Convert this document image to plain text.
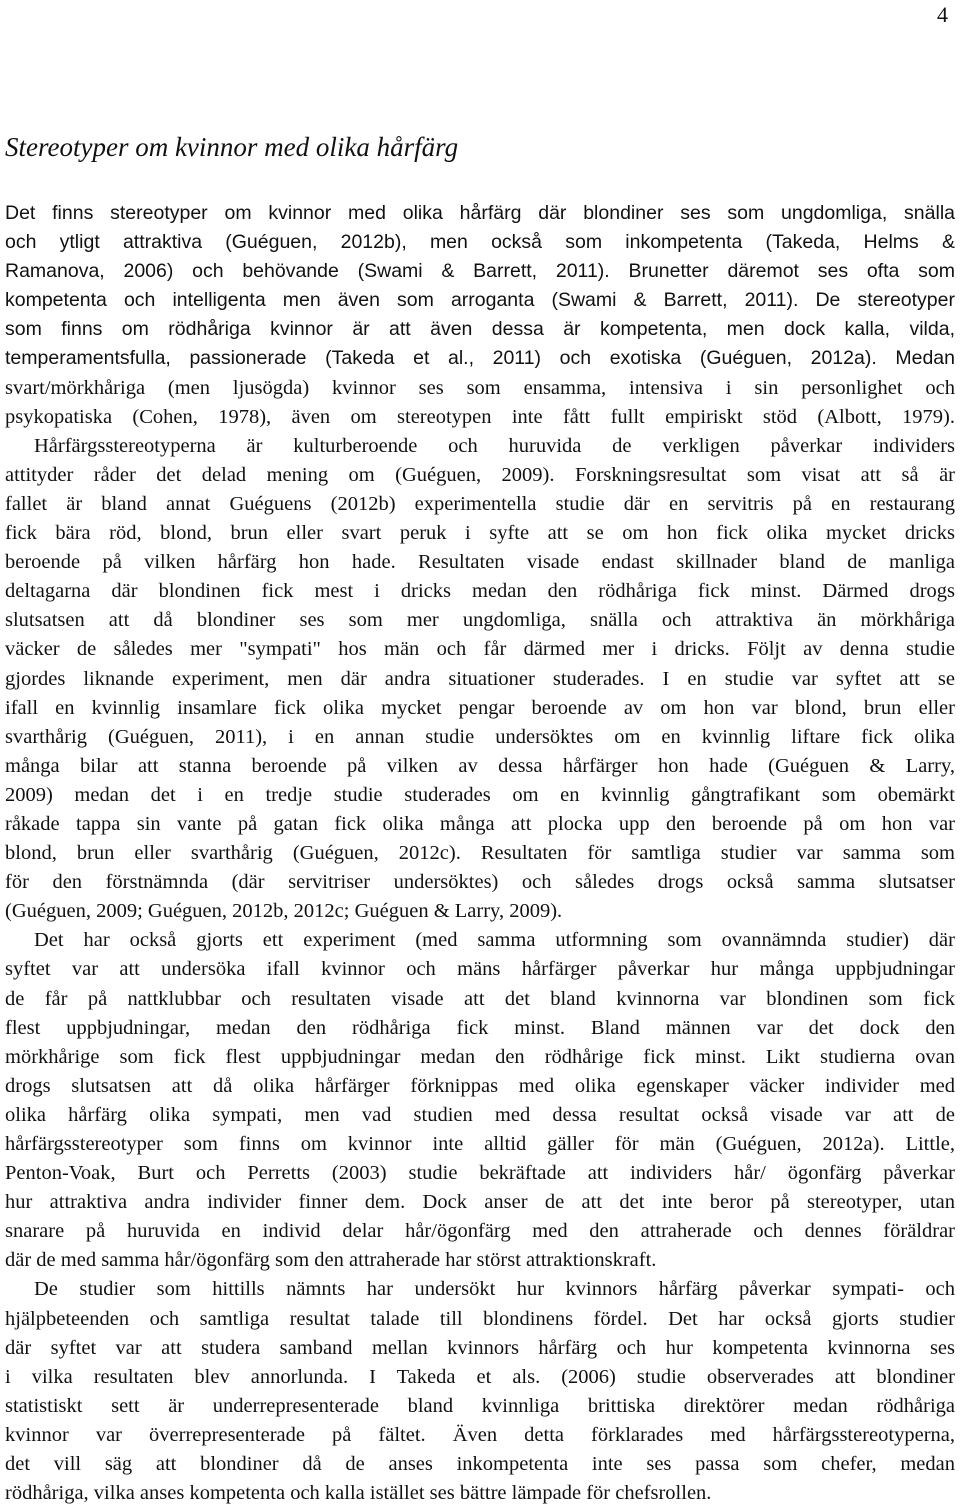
4
Stereotyper om kvinnor med olika hårfärg
Det finns stereotyper om kvinnor med olika hårfärg där blondiner ses som ungdomliga, snälla
och ytligt attraktiva (Guéguen, 2012b), men också som inkompetenta (Takeda, Helms &
Ramanova, 2006) och behövande (Swami & Barrett, 2011). Brunetter däremot ses ofta som
kompetenta och intelligenta men även som arroganta (Swami & Barrett, 2011). De stereotyper
som finns om rödhåriga kvinnor är att även dessa är kompetenta, men dock kalla, vilda,
temperamentsfulla, passionerade (Takeda et al., 2011) och exotiska (Guéguen, 2012a). Medan
svart/mörkhåriga (men ljusögda) kvinnor ses som ensamma, intensiva i sin personlighet och
psykopatiska (Cohen, 1978), även om stereotypen inte fått fullt empiriskt stöd (Albott, 1979).
Hårfärgsstereotyperna är kulturberoende och huruvida de verkligen påverkar individers
attityder råder det delad mening om (Guéguen, 2009). Forskningsresultat som visat att så är
fallet är bland annat Guéguens (2012b) experimentella studie där en servitris på en restaurang
fick bära röd, blond, brun eller svart peruk i syfte att se om hon fick olika mycket dricks
beroende på vilken hårfärg hon hade. Resultaten visade endast skillnader bland de manliga
deltagarna där blondinen fick mest i dricks medan den rödhåriga fick minst. Därmed drogs
slutsatsen att då blondiner ses som mer ungdomliga, snälla och attraktiva än mörkhåriga
väcker de således mer "sympati" hos män och får därmed mer i dricks. Följt av denna studie
gjordes liknande experiment, men där andra situationer studerades. I en studie var syftet att se
ifall en kvinnlig insamlare fick olika mycket pengar beroende av om hon var blond, brun eller
svarthårig (Guéguen, 2011), i en annan studie undersöktes om en kvinnlig liftare fick olika
många bilar att stanna beroende på vilken av dessa hårfärger hon hade (Guéguen & Larry,
2009) medan det i en tredje studie studerades om en kvinnlig gångtrafikant som obemärkt
råkade tappa sin vante på gatan fick olika många att plocka upp den beroende på om hon var
blond, brun eller svarthårig (Guéguen, 2012c). Resultaten för samtliga studier var samma som
för den förstnämnda (där servitriser undersöktes) och således drogs också samma slutsatser
(Guéguen, 2009; Guéguen, 2012b, 2012c; Guéguen & Larry, 2009).
Det har också gjorts ett experiment (med samma utformning som ovannämnda studier) där
syftet var att undersöka ifall kvinnor och mäns hårfärger påverkar hur många uppbjudningar
de får på nattklubbar och resultaten visade att det bland kvinnorna var blondinen som fick
flest uppbjudningar, medan den rödhåriga fick minst. Bland männen var det dock den
mörkhårige som fick flest uppbjudningar medan den rödhårige fick minst. Likt studierna ovan
drogs slutsatsen att då olika hårfärger förknippas med olika egenskaper väcker individer med
olika hårfärg olika sympati, men vad studien med dessa resultat också visade var att de
hårfärgsstereotyper som finns om kvinnor inte alltid gäller för män (Guéguen, 2012a). Little,
Penton-Voak, Burt och Perretts (2003) studie bekräftade att individers hår/ ögonfärg påverkar
hur attraktiva andra individer finner dem. Dock anser de att det inte beror på stereotyper, utan
snarare på huruvida en individ delar hår/ögonfärg med den attraherade och dennes föräldrar
där de med samma hår/ögonfärg som den attraherade har störst attraktionskraft.
De studier som hittills nämnts har undersökt hur kvinnors hårfärg påverkar sympati- och
hjälpbeteenden och samtliga resultat talade till blondinens fördel. Det har också gjorts studier
där syftet var att studera samband mellan kvinnors hårfärg och hur kompetenta kvinnorna ses
i vilka resultaten blev annorlunda. I Takeda et als. (2006) studie observerades att blondiner
statistiskt sett är underrepresenterade bland kvinnliga brittiska direktörer medan rödhåriga
kvinnor var överrepresenterade på fältet. Även detta förklarades med hårfärgsstereotyperna,
det vill säg att blondiner då de anses inkompetenta inte ses passa som chefer, medan
rödhåriga, vilka anses kompetenta och kalla istället ses bättre lämpade för chefsrollen.
